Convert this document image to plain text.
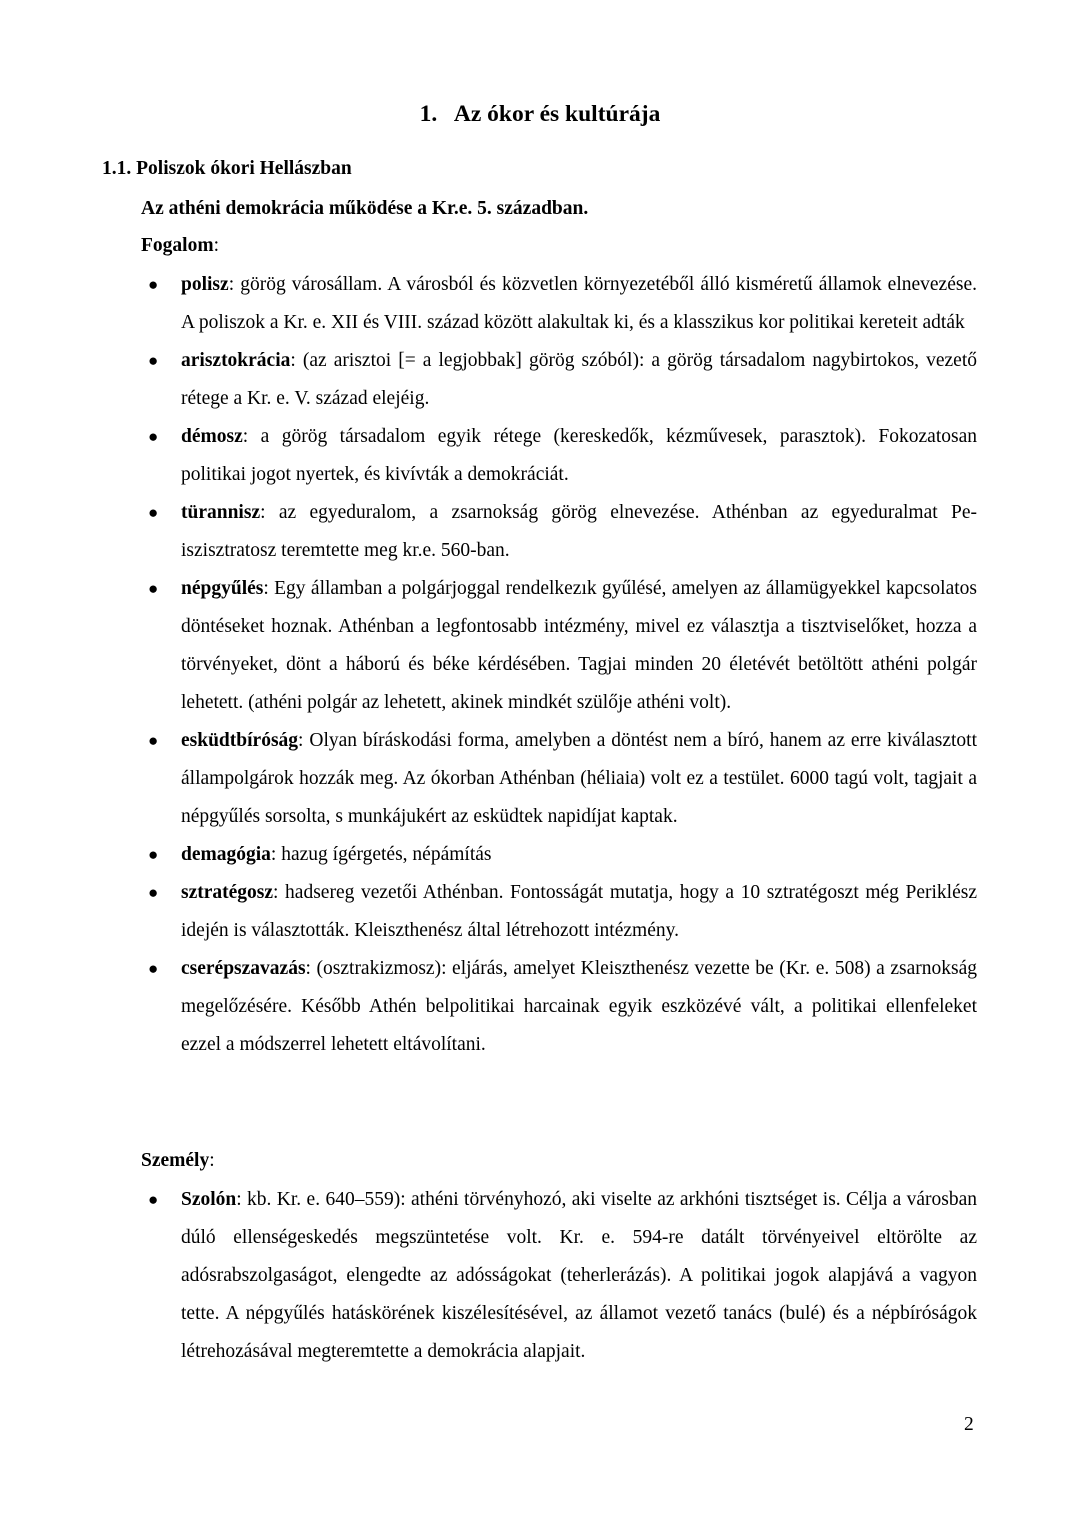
1. Az ókor és kultúrája
1.1. Poliszok ókori Hellászban
Az athéni demokrácia működése a Kr.e. 5. században.
Fogalom:
● polisz: görög városállam. A városból és közvetlen környezetéből álló kisméretű államok elnevezése. A poliszok a Kr. e. XII és VIII. század között alakultak ki, és a klasszikus kor politikai kereteit adták
● arisztokrácia: (az arisztoi [= a legjobbak] görög szóból): a görög társadalom nagybirtokos, vezető rétege a Kr. e. V. század elejéig.
● démosz: a görög társadalom egyik rétege (kereskedők, kézművesek, parasztok). Fokozatosan politikai jogot nyertek, és kivívták a demokráciát.
● türannisz: az egyeduralom, a zsarnokság görög elnevezése. Athénban az egyeduralmat Peiszisztratosz teremtette meg kr.e. 560-ban.
● népgyűlés: Egy államban a polgárjoggal rendelkezık gyűlésé, amelyen az államügyekkel kapcsolatos döntéseket hoznak. Athénban a legfontosabb intézmény, mivel ez választja a tisztviselőket, hozza a törvényeket, dönt a háború és béke kérdésében. Tagjai minden 20 életévét betöltött athéni polgár lehetett. (athéni polgár az lehetett, akinek mindkét szülője athéni volt).
● esküdtbíróság: Olyan bíráskodási forma, amelyben a döntést nem a bíró, hanem az erre kiválasztott állampolgárok hozzák meg. Az ókorban Athénban (héliaia) volt ez a testület. 6000 tagú volt, tagjait a népgyűlés sorsolta, s munkájukért az esküdtek napidíjat kaptak.
● demagógia: hazug ígérgetés, népámítás
● sztratégosz: hadsereg vezetői Athénban. Fontosságát mutatja, hogy a 10 sztratégoszt még Periklész idején is választották. Kleiszthenész által létrehozott intézmény.
● cserépszavazás: (osztrakizmosz): eljárás, amelyet Kleiszthenész vezette be (Kr. e. 508) a zsarnokság megelőzésére. Később Athén belpolitikai harcainak egyik eszközévé vált, a politikai ellenfeleket ezzel a módszerrel lehetett eltávolítani.
Személy:
● Szolón: kb. Kr. e. 640–559): athéni törvényhozó, aki viselte az arkhóni tisztséget is. Célja a városban dúló ellenségeskedés megszüntetése volt. Kr. e. 594-re datált törvényeivel eltörölte az adósrabszolgaságot, elengedte az adósságokat (teherlerázás). A politikai jogok alapjává a vagyon tette. A népgyűlés hatáskörének kiszélesítésével, az államot vezető tanács (bulé) és a népbíróságok létrehozásával megteremtette a demokrácia alapjait.
2
